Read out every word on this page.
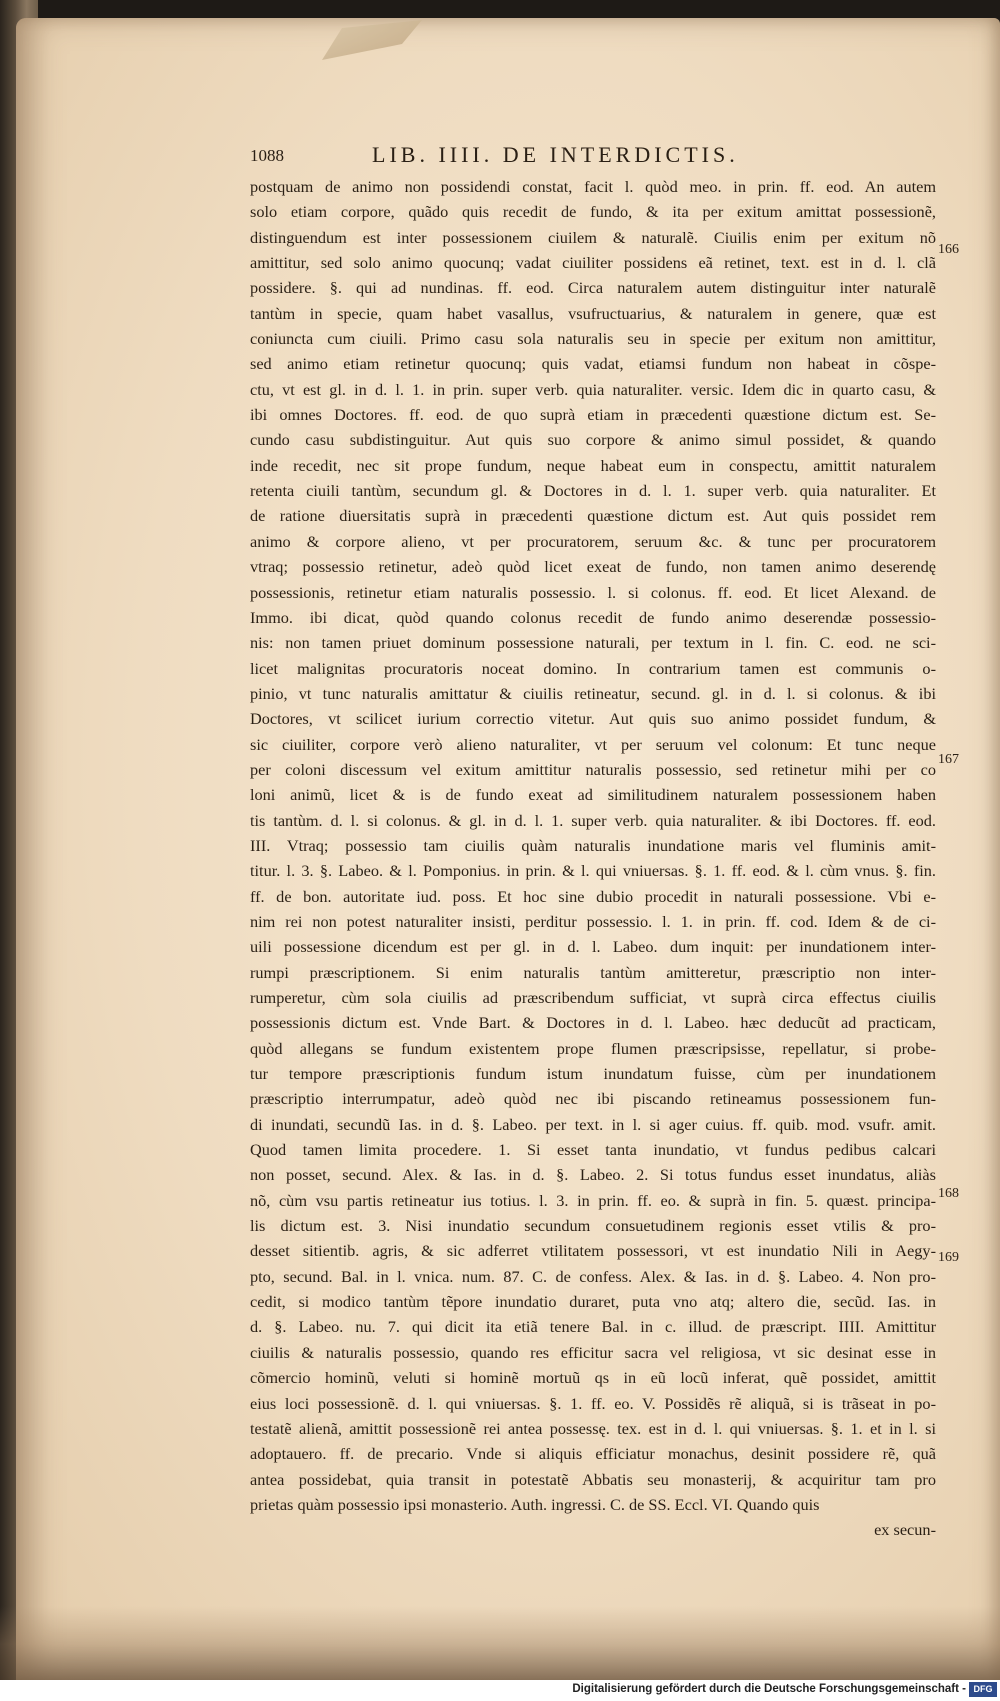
1088	LIB. IIII. DE INTERDICTIS.
postquam de animo non possidendi constat, facit l. quòd meo. in prin. ff. eod. An autem
solo etiam corpore, quãdo quis recedit de fundo, & ita per exitum amittat possessionẽ,
distinguendum est inter possessionem ciuilem & naturalẽ. Ciuilis enim per exitum nõ
amittitur, sed solo animo quocunq; vadat ciuiliter possidens eã retinet, text. est in d. l. clã
possidere. §. qui ad nundinas. ff. eod. Circa naturalem autem distinguitur inter naturalẽ
tantùm in specie, quam habet vasallus, vsufructuarius, & naturalem in genere, quæ est
coniuncta cum ciuili. Primo casu sola naturalis seu in specie per exitum non amittitur,
sed animo etiam retinetur quocunq; quis vadat, etiamsi fundum non habeat in cõspe-
ctu, vt est gl. in d. l. 1. in prin. super verb. quia naturaliter. versic. Idem dic in quarto casu, &
ibi omnes Doctores. ff. eod. de quo suprà etiam in præcedenti quæstione dictum est. Se-
cundo casu subdistinguitur. Aut quis suo corpore & animo simul possidet, & quando
inde recedit, nec sit prope fundum, neque habeat eum in conspectu, amittit naturalem
retenta ciuili tantùm, secundum gl. & Doctores in d. l. 1. super verb. quia naturaliter. Et
de ratione diuersitatis suprà in præcedenti quæstione dictum est. Aut quis possidet rem
animo & corpore alieno, vt per procuratorem, seruum &c. & tunc per procuratorem
vtraq; possessio retinetur, adeò quòd licet exeat de fundo, non tamen animo deserendę
possessionis, retinetur etiam naturalis possessio. l. si colonus. ff. eod. Et licet Alexand. de
Immo. ibi dicat, quòd quando colonus recedit de fundo animo deserendæ possessio-
nis: non tamen priuet dominum possessione naturali, per textum in l. fin. C. eod. ne sci-
licet malignitas procuratoris noceat domino. In contrarium tamen est communis o-
pinio, vt tunc naturalis amittatur & ciuilis retineatur, secund. gl. in d. l. si colonus. & ibi
Doctores, vt scilicet iurium correctio vitetur. Aut quis suo animo possidet fundum, &
sic ciuiliter, corpore verò alieno naturaliter, vt per seruum vel colonum: Et tunc neque
per coloni discessum vel exitum amittitur naturalis possessio, sed retinetur mihi per co
loni animũ, licet & is de fundo exeat ad similitudinem naturalem possessionem haben
tis tantùm. d. l. si colonus. & gl. in d. l. 1. super verb. quia naturaliter. & ibi Doctores. ff. eod.
III. Vtraq; possessio tam ciuilis quàm naturalis inundatione maris vel fluminis amit-
titur. l. 3. §. Labeo. & l. Pomponius. in prin. & l. qui vniuersas. §. 1. ff. eod. & l. cùm vnus. §. fin.
ff. de bon. autoritate iud. poss. Et hoc sine dubio procedit in naturali possessione. Vbi e-
nim rei non potest naturaliter insisti, perditur possessio. l. 1. in prin. ff. cod. Idem & de ci-
uili possessione dicendum est per gl. in d. l. Labeo. dum inquit: per inundationem inter-
rumpi præscriptionem. Si enim naturalis tantùm amitteretur, præscriptio non inter-
rumperetur, cùm sola ciuilis ad præscribendum sufficiat, vt suprà circa effectus ciuilis
possessionis dictum est. Vnde Bart. & Doctores in d. l. Labeo. hæc deducũt ad practicam,
quòd allegans se fundum existentem prope flumen præscripsisse, repellatur, si probe-
tur tempore præscriptionis fundum istum inundatum fuisse, cùm per inundationem
præscriptio interrumpatur, adeò quòd nec ibi piscando retineamus possessionem fun-
di inundati, secundũ Ias. in d. §. Labeo. per text. in l. si ager cuius. ff. quib. mod. vsufr. amit.
Quod tamen limita procedere. 1. Si esset tanta inundatio, vt fundus pedibus calcari
non posset, secund. Alex. & Ias. in d. §. Labeo. 2. Si totus fundus esset inundatus, aliàs
nõ, cùm vsu partis retineatur ius totius. l. 3. in prin. ff. eo. & suprà in fin. 5. quæst. principa-
lis dictum est. 3. Nisi inundatio secundum consuetudinem regionis esset vtilis & pro-
desset sitientib. agris, & sic adferret vtilitatem possessori, vt est inundatio Nili in Aegy-
pto, secund. Bal. in l. vnica. num. 87. C. de confess. Alex. & Ias. in d. §. Labeo. 4. Non pro-
cedit, si modico tantùm tẽpore inundatio duraret, puta vno atq; altero die, secũd. Ias. in
d. §. Labeo. nu. 7. qui dicit ita etiã tenere Bal. in c. illud. de præscript. IIII. Amittitur
ciuilis & naturalis possessio, quando res efficitur sacra vel religiosa, vt sic desinat esse in
cõmercio hominũ, veluti si hominẽ mortuũ qs in eũ locũ inferat, quẽ possidet, amittit
eius loci possessionẽ. d. l. qui vniuersas. §. 1. ff. eo. V. Possidẽs rẽ aliquã, si is trãseat in po-
testatẽ alienã, amittit possessionẽ rei antea possessę. tex. est in d. l. qui vniuersas. §. 1. et in l. si
adoptauero. ff. de precario. Vnde si aliquis efficiatur monachus, desinit possidere rẽ, quã
antea possidebat, quia transit in potestatẽ Abbatis seu monasterij, & acquiritur tam pro
prietas quàm possessio ipsi monasterio. Auth. ingressi. C. de SS. Eccl. VI. Quando quis
ex secun-
166
167
168
169
Digitalisierung gefördert durch die Deutsche Forschungsgemeinschaft - DFG
